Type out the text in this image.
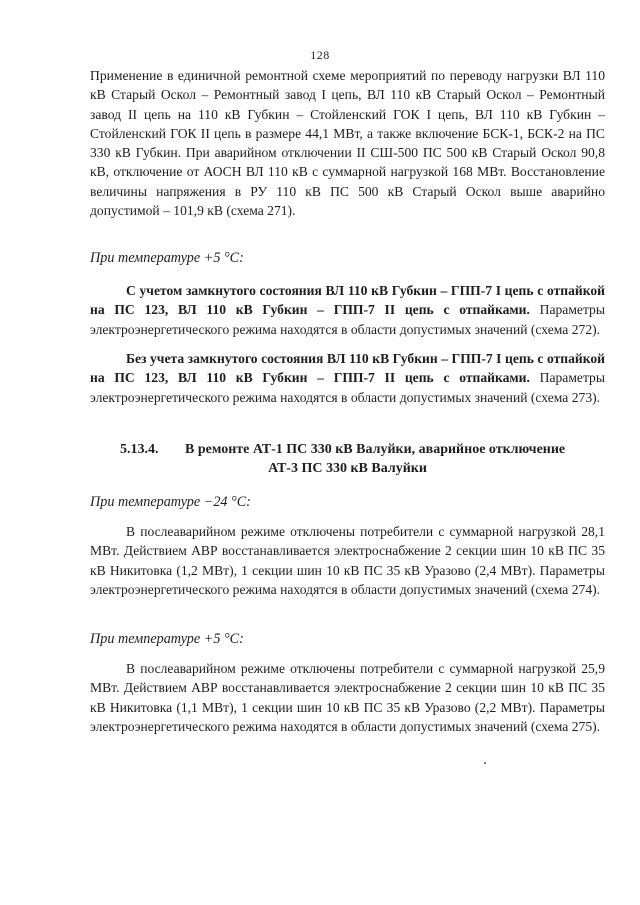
128

Применение в единичной ремонтной схеме мероприятий по переводу нагрузки ВЛ 110 кВ Старый Оскол – Ремонтный завод I цепь, ВЛ 110 кВ Старый Оскол – Ремонтный завод II цепь на 110 кВ Губкин – Стойленский ГОК I цепь, ВЛ 110 кВ Губкин – Стойленский ГОК II цепь в размере 44,1 МВт, а также включение БСК-1, БСК-2 на ПС 330 кВ Губкин. При аварийном отключении II СШ-500 ПС 500 кВ Старый Оскол 90,8 кВ, отключение от АОСН ВЛ 110 кВ с суммарной нагрузкой 168 МВт. Восстановление величины напряжения в РУ 110 кВ ПС 500 кВ Старый Оскол выше аварийно допустимой – 101,9 кВ (схема 271).

При температуре +5 °С:

С учетом замкнутого состояния ВЛ 110 кВ Губкин – ГПП-7 I цепь с отпайкой на ПС 123, ВЛ 110 кВ Губкин – ГПП-7 II цепь с отпайками. Параметры электроэнергетического режима находятся в области допустимых значений (схема 272).

Без учета замкнутого состояния ВЛ 110 кВ Губкин – ГПП-7 I цепь с отпайкой на ПС 123, ВЛ 110 кВ Губкин – ГПП-7 II цепь с отпайками. Параметры электроэнергетического режима находятся в области допустимых значений (схема 273).

5.13.4. В ремонте АТ-1 ПС 330 кВ Валуйки, аварийное отключение
АТ-3 ПС 330 кВ Валуйки
При температуре −24 °С:

В послеаварийном режиме отключены потребители с суммарной нагрузкой 28,1 МВт. Действием АВР восстанавливается электроснабжение 2 секции шин 10 кВ ПС 35 кВ Никитовка (1,2 МВт), 1 секции шин 10 кВ ПС 35 кВ Уразово (2,4 МВт). Параметры электроэнергетического режима находятся в области допустимых значений (схема 274).

При температуре +5 °С:

В послеаварийном режиме отключены потребители с суммарной нагрузкой 25,9 МВт. Действием АВР восстанавливается электроснабжение 2 секции шин 10 кВ ПС 35 кВ Никитовка (1,1 МВт), 1 секции шин 10 кВ ПС 35 кВ Уразово (2,2 МВт). Параметры электроэнергетического режима находятся в области допустимых значений (схема 275).
